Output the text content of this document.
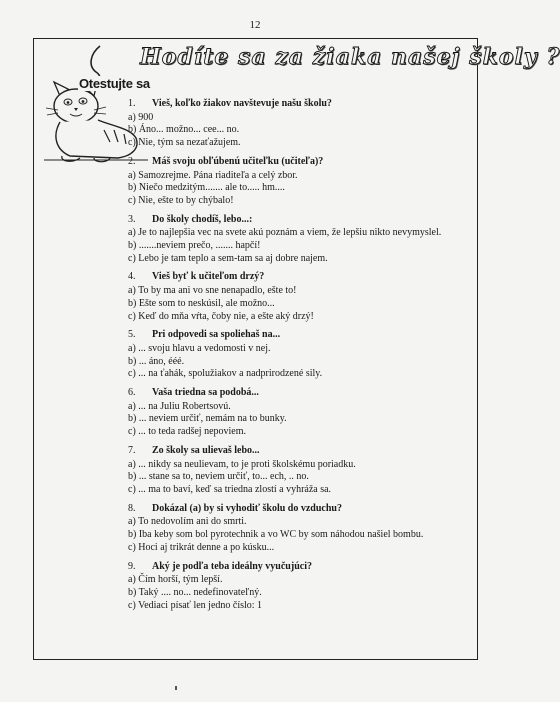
12
Otestujte sa
Hodíte sa za žiaka našej školy ?
1.	Vieš, koľko žiakov navštevuje našu školu?
a) 900
b) Áno... možno... cee... no.
c) Nie, tým sa nezaťažujem.
2.	Máš svoju obľúbenú učiteľku (učiteľa)?
a) Samozrejme. Pána riaditeľa a celý zbor.
b) Niečo medzitým....... ale to..... hm....
c) Nie, ešte to by chýbalo!
3.	Do školy chodíš, lebo...:
a) Je to najlepšia vec na svete akú poznám a viem, že lepšiu nikto nevymyslel.
b) .......neviem prečo, ....... hapčí!
c) Lebo je tam teplo a sem-tam sa aj dobre najem.
4.	Vieš byť k učiteľom drzý?
a) To by ma ani vo sne nenapadlo, ešte to!
b) Ešte som to neskúsil, ale možno...
c) Keď do mňa vŕta, čoby nie, a ešte aký drzý!
5.	Pri odpovedi sa spoliehaš na...
a) ... svoju hlavu a vedomosti v nej.
b) ... áno, ééé.
c) ... na ťahák, spolužiakov a nadprirodzené sily.
6.	Vaša triedna sa podobá...
a) ... na Juliu Robertsovú.
b) ... neviem určiť, nemám na to bunky.
c) ... to teda radšej nepoviem.
7.	Zo školy sa ulievaš lebo...
a) ... nikdy sa neulievam, to je proti školskému poriadku.
b) ... stane sa to, neviem určiť, to... ech, .. no.
c) ... ma to baví, keď sa triedna zlostí a vyhráža sa.
8.	Dokázal (a) by si vyhodiť školu do vzduchu?
a) To nedovolím ani do smrti.
b) Iba keby som bol pyrotechnik a vo WC by som náhodou našiel bombu.
c) Hoci aj trikrát denne a po kúsku...
9.	Aký je podľa teba ideálny vyučujúci?
a) Čím horší, tým lepší.
b) Taký .... no... nedefinovateľný.
c) Vediaci písať len jedno číslo: 1
